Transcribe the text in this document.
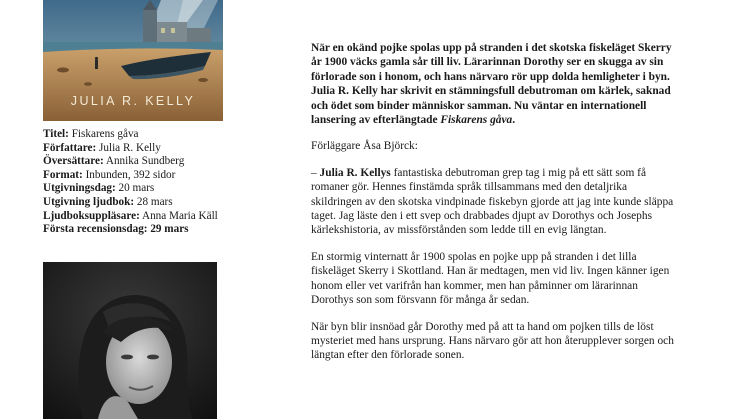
JULIA R. KELLY
Titel: Fiskarens gåva
Författare: Julia R. Kelly
Översättare: Annika Sundberg
Format: Inbunden, 392 sidor
Utgivningsdag: 20 mars
Utgivning ljudbok: 28 mars
Ljudboksuppläsare: Anna Maria Käll
Första recensionsdag: 29 mars

När en okänd pojke spolas upp på stranden i det skotska fiskeläget Skerry år 1900 väcks gamla sår till liv. Lärarinnan Dorothy ser en skugga av sin förlorade son i honom, och hans närvaro rör upp dolda hemligheter i byn. Julia R. Kelly har skrivit en stämningsfull debutroman om kärlek, saknad och ödet som binder människor samman. Nu väntar en internationell lansering av efterlängtade Fiskarens gåva.

Förläggare Åsa Björck:

– Julia R. Kellys fantastiska debutroman grep tag i mig på ett sätt som få romaner gör. Hennes finstämda språk tillsammans med den detaljrika skildringen av den skotska vindpinade fiskebyn gjorde att jag inte kunde släppa taget. Jag läste den i ett svep och drabbades djupt av Dorothys och Josephs kärlekshistoria, av missförstånden som ledde till en evig längtan.

En stormig vinternatt år 1900 spolas en pojke upp på stranden i det lilla fiskeläget Skerry i Skottland. Han är medtagen, men vid liv. Ingen känner igen honom eller vet varifrån han kommer, men han påminner om lärarinnan Dorothys son som försvann för många år sedan.

När byn blir insnöad går Dorothy med på att ta hand om pojken tills de löst mysteriet med hans ursprung. Hans närvaro gör att hon återupplever sorgen och längtan efter den förlorade sonen.
